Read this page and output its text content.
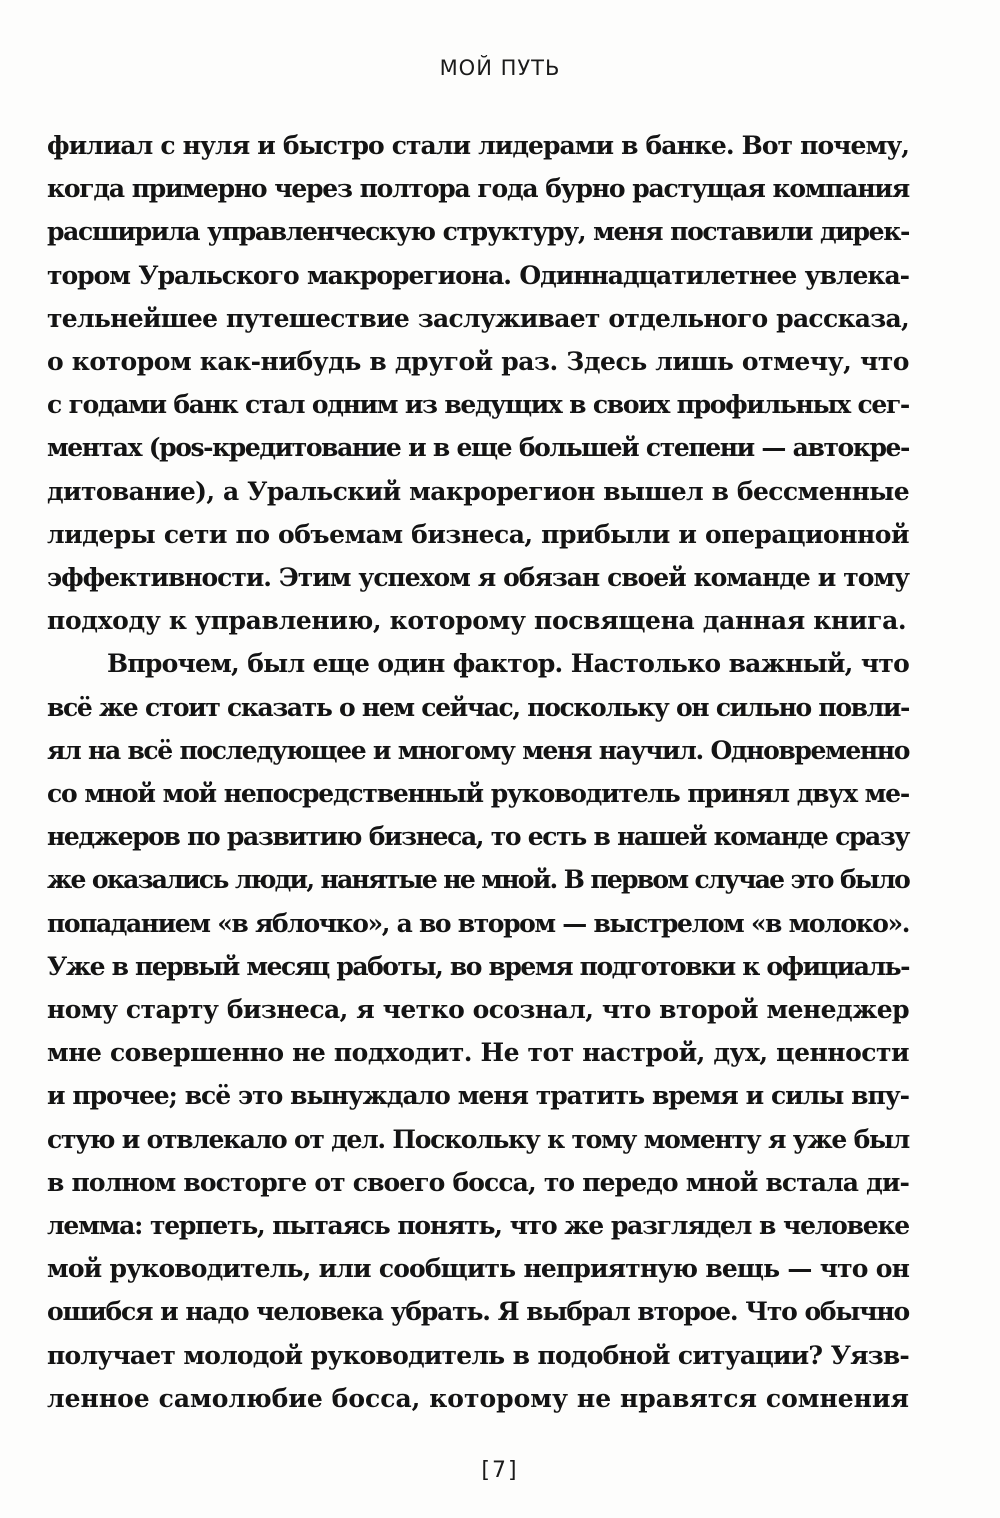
МОЙ ПУТЬ

филиал с нуля и быстро стали лидерами в банке. Вот почему,
когда примерно через полтора года бурно растущая компания
расширила управленческую структуру, меня поставили дирек-
тором Уральского макрорегиона. Одиннадцатилетнее увлека-
тельнейшее путешествие заслуживает отдельного рассказа,
о котором как-нибудь в другой раз. Здесь лишь отмечу, что
с годами банк стал одним из ведущих в своих профильных сег-
ментах (pos-кредитование и в еще большей степени — автокре-
дитование), а Уральский макрорегион вышел в бессменные
лидеры сети по объемам бизнеса, прибыли и операционной
эффективности. Этим успехом я обязан своей команде и тому
подходу к управлению, которому посвящена данная книга.

Впрочем, был еще один фактор. Настолько важный, что
всё же стоит сказать о нем сейчас, поскольку он сильно повли-
ял на всё последующее и многому меня научил. Одновременно
со мной мой непосредственный руководитель принял двух ме-
неджеров по развитию бизнеса, то есть в нашей команде сразу
же оказались люди, нанятые не мной. В первом случае это было
попаданием «в яблочко», а во втором — выстрелом «в молоко».
Уже в первый месяц работы, во время подготовки к официаль-
ному старту бизнеса, я четко осознал, что второй менеджер
мне совершенно не подходит. Не тот настрой, дух, ценности
и прочее; всё это вынуждало меня тратить время и силы впу-
стую и отвлекало от дел. Поскольку к тому моменту я уже был
в полном восторге от своего босса, то передо мной встала ди-
лемма: терпеть, пытаясь понять, что же разглядел в человеке
мой руководитель, или сообщить неприятную вещь — что он
ошибся и надо человека убрать. Я выбрал второе. Что обычно
получает молодой руководитель в подобной ситуации? Уязв-
ленное самолюбие босса, которому не нравятся сомнения

[7]
